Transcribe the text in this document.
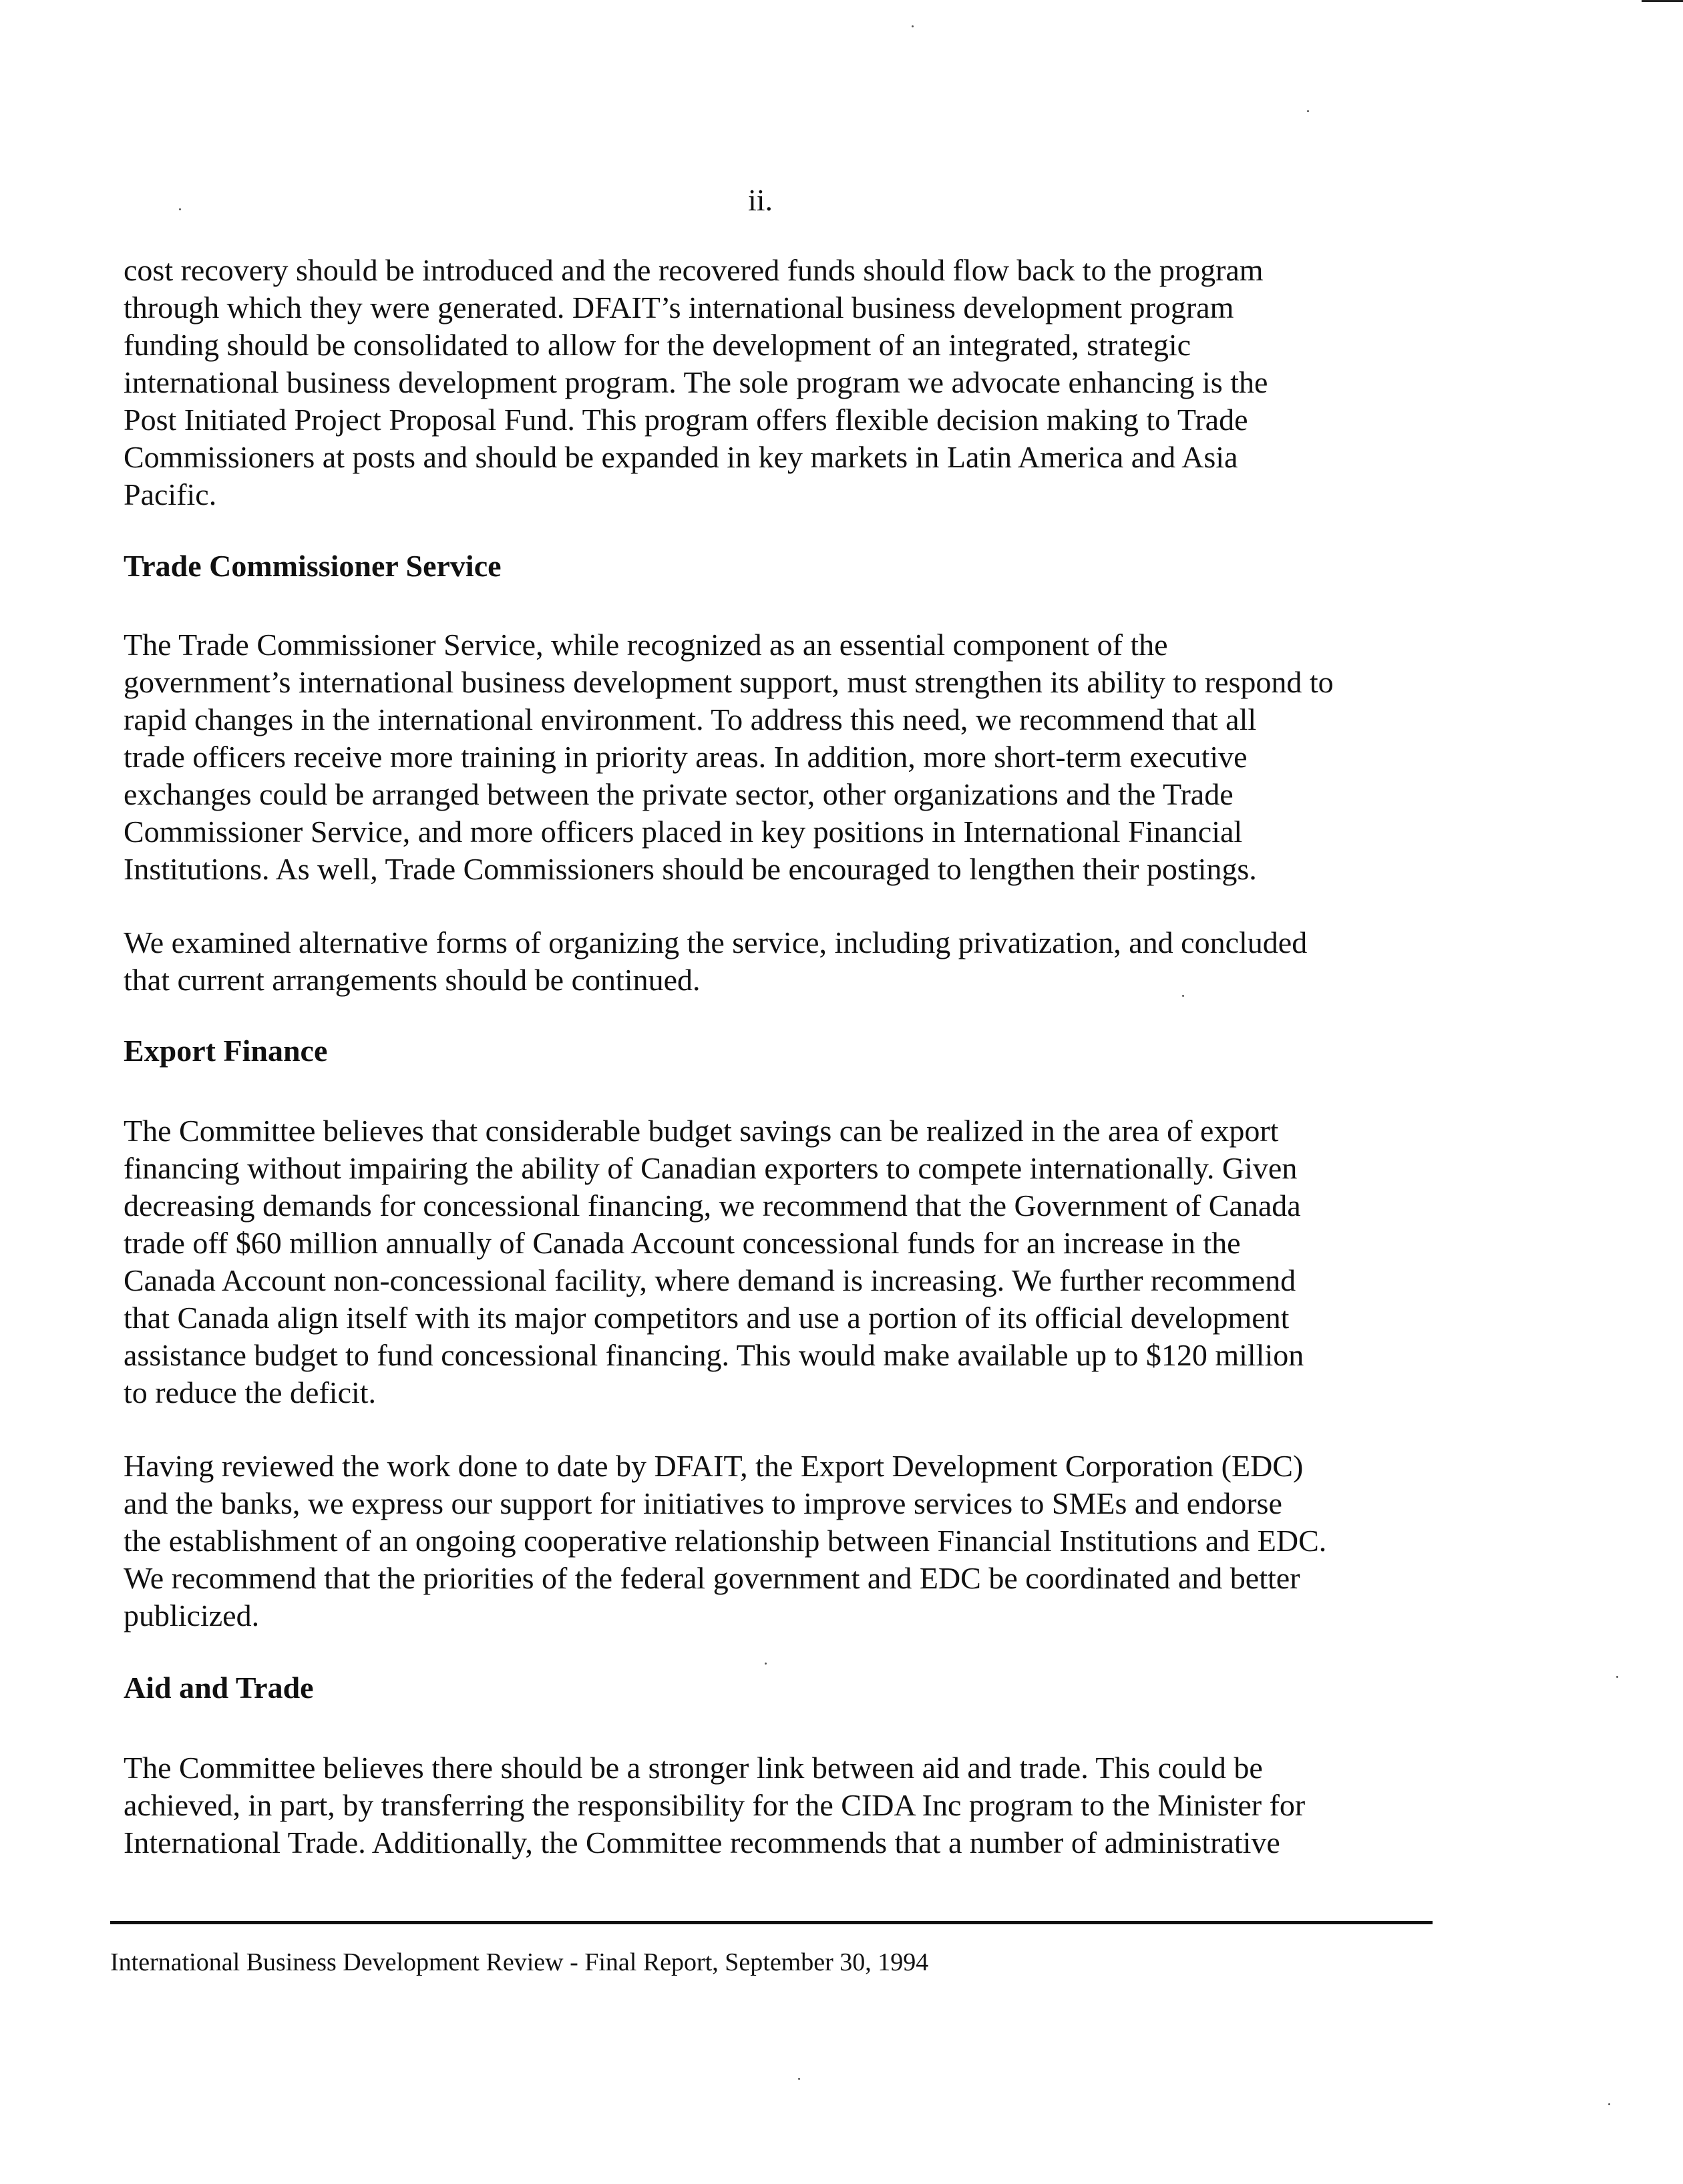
ii.
cost recovery should be introduced and the recovered funds should flow back to the program
through which they were generated. DFAIT’s international business development program
funding should be consolidated to allow for the development of an integrated, strategic
international business development program. The sole program we advocate enhancing is the
Post Initiated Project Proposal Fund. This program offers flexible decision making to Trade
Commissioners at posts and should be expanded in key markets in Latin America and Asia
Pacific.
Trade Commissioner Service
The Trade Commissioner Service, while recognized as an essential component of the
government’s international business development support, must strengthen its ability to respond to
rapid changes in the international environment. To address this need, we recommend that all
trade officers receive more training in priority areas. In addition, more short-term executive
exchanges could be arranged between the private sector, other organizations and the Trade
Commissioner Service, and more officers placed in key positions in International Financial
Institutions. As well, Trade Commissioners should be encouraged to lengthen their postings.
We examined alternative forms of organizing the service, including privatization, and concluded
that current arrangements should be continued.
Export Finance
The Committee believes that considerable budget savings can be realized in the area of export
financing without impairing the ability of Canadian exporters to compete internationally. Given
decreasing demands for concessional financing, we recommend that the Government of Canada
trade off $60 million annually of Canada Account concessional funds for an increase in the
Canada Account non-concessional facility, where demand is increasing. We further recommend
that Canada align itself with its major competitors and use a portion of its official development
assistance budget to fund concessional financing. This would make available up to $120 million
to reduce the deficit.
Having reviewed the work done to date by DFAIT, the Export Development Corporation (EDC)
and the banks, we express our support for initiatives to improve services to SMEs and endorse
the establishment of an ongoing cooperative relationship between Financial Institutions and EDC.
We recommend that the priorities of the federal government and EDC be coordinated and better
publicized.
Aid and Trade
The Committee believes there should be a stronger link between aid and trade. This could be
achieved, in part, by transferring the responsibility for the CIDA Inc program to the Minister for
International Trade. Additionally, the Committee recommends that a number of administrative
International Business Development Review - Final Report, September 30, 1994
